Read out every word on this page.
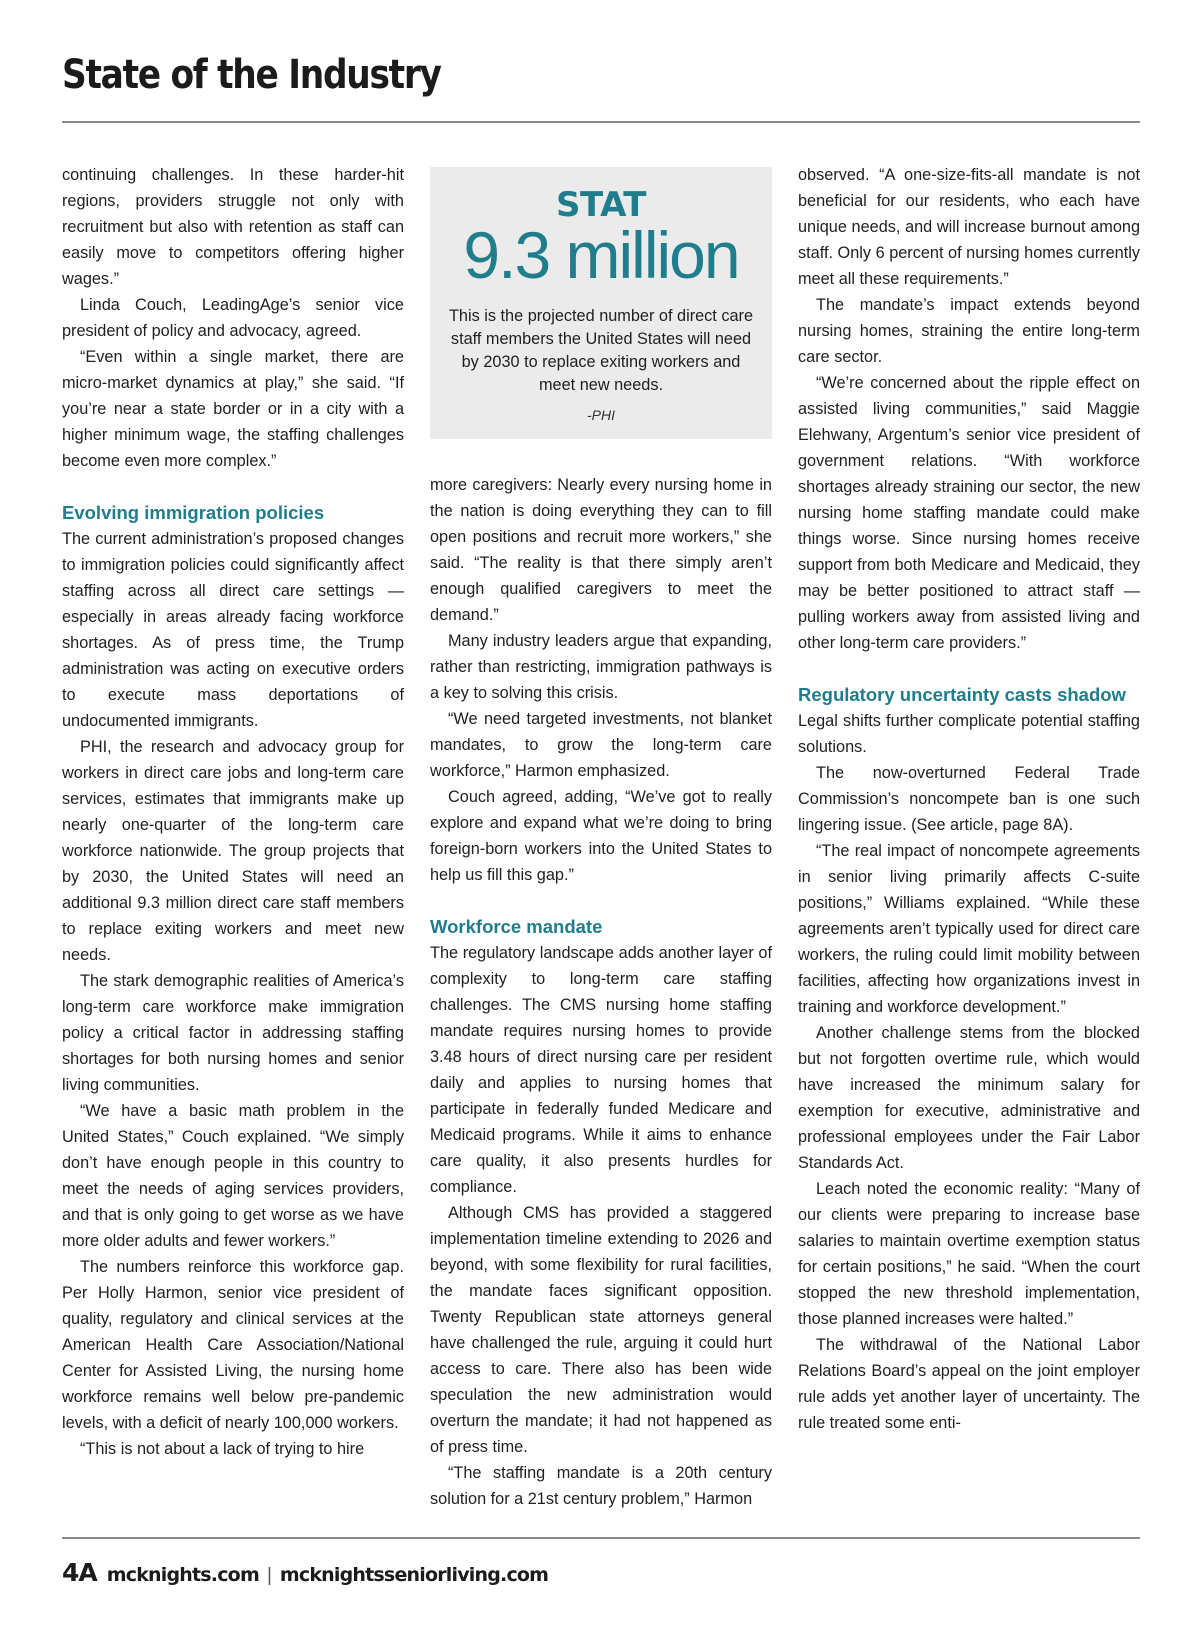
State of the Industry

continuing challenges. In these harder-hit regions, providers struggle not only with recruitment but also with retention as staff can easily move to competitors offering higher wages.”

Linda Couch, LeadingAge’s senior vice president of policy and advocacy, agreed.

“Even within a single market, there are micro-market dynamics at play,” she said. “If you’re near a state border or in a city with a higher minimum wage, the staffing challenges become even more complex.”

Evolving immigration policies

The current administration’s proposed changes to immigration policies could significantly affect staffing across all direct care settings — especially in areas already facing workforce shortages. As of press time, the Trump administration was acting on executive orders to execute mass deportations of undocumented immigrants.

PHI, the research and advocacy group for workers in direct care jobs and long-term care services, estimates that immigrants make up nearly one-quarter of the long-term care workforce nationwide. The group projects that by 2030, the United States will need an additional 9.3 million direct care staff members to replace exiting workers and meet new needs.

The stark demographic realities of America’s long-term care workforce make immigration policy a critical factor in addressing staffing shortages for both nursing homes and senior living communities.

“We have a basic math problem in the United States,” Couch explained. “We simply don’t have enough people in this country to meet the needs of aging services providers, and that is only going to get worse as we have more older adults and fewer workers.”

The numbers reinforce this workforce gap. Per Holly Harmon, senior vice president of quality, regulatory and clinical services at the American Health Care Association/National Center for Assisted Living, the nursing home workforce remains well below pre-pandemic levels, with a deficit of nearly 100,000 workers.

“This is not about a lack of trying to hire

STAT
9.3 million
This is the projected number of direct care staff members the United States will need by 2030 to replace exiting workers and meet new needs.
-PHI

more caregivers: Nearly every nursing home in the nation is doing everything they can to fill open positions and recruit more workers,” she said. “The reality is that there simply aren’t enough qualified caregivers to meet the demand.”

Many industry leaders argue that expanding, rather than restricting, immigration pathways is a key to solving this crisis.

“We need targeted investments, not blanket mandates, to grow the long-term care workforce,” Harmon emphasized.

Couch agreed, adding, “We’ve got to really explore and expand what we’re doing to bring foreign-born workers into the United States to help us fill this gap.”

Workforce mandate

The regulatory landscape adds another layer of complexity to long-term care staffing challenges. The CMS nursing home staffing mandate requires nursing homes to provide 3.48 hours of direct nursing care per resident daily and applies to nursing homes that participate in federally funded Medicare and Medicaid programs. While it aims to enhance care quality, it also presents hurdles for compliance.

Although CMS has provided a staggered implementation timeline extending to 2026 and beyond, with some flexibility for rural facilities, the mandate faces significant opposition. Twenty Republican state attorneys general have challenged the rule, arguing it could hurt access to care. There also has been wide speculation the new administration would overturn the mandate; it had not happened as of press time.

“The staffing mandate is a 20th century solution for a 21st century problem,” Harmon

observed. “A one-size-fits-all mandate is not beneficial for our residents, who each have unique needs, and will increase burnout among staff. Only 6 percent of nursing homes currently meet all these requirements.”

The mandate’s impact extends beyond nursing homes, straining the entire long-term care sector.

“We’re concerned about the ripple effect on assisted living communities,” said Maggie Elehwany, Argentum’s senior vice president of government relations. “With workforce shortages already straining our sector, the new nursing home staffing mandate could make things worse. Since nursing homes receive support from both Medicare and Medicaid, they may be better positioned to attract staff — pulling workers away from assisted living and other long-term care providers.”

Regulatory uncertainty casts shadow

Legal shifts further complicate potential staffing solutions.

The now-overturned Federal Trade Commission’s noncompete ban is one such lingering issue. (See article, page 8A).

“The real impact of noncompete agreements in senior living primarily affects C-suite positions,” Williams explained. “While these agreements aren’t typically used for direct care workers, the ruling could limit mobility between facilities, affecting how organizations invest in training and workforce development.”

Another challenge stems from the blocked but not forgotten overtime rule, which would have increased the minimum salary for exemption for executive, administrative and professional employees under the Fair Labor Standards Act.

Leach noted the economic reality: “Many of our clients were preparing to increase base salaries to maintain overtime exemption status for certain positions,” he said. “When the court stopped the new threshold implementation, those planned increases were halted.”

The withdrawal of the National Labor Relations Board’s appeal on the joint employer rule adds yet another layer of uncertainty. The rule treated some enti-

4A mcknights.com | mcknightsseniorliving.com
